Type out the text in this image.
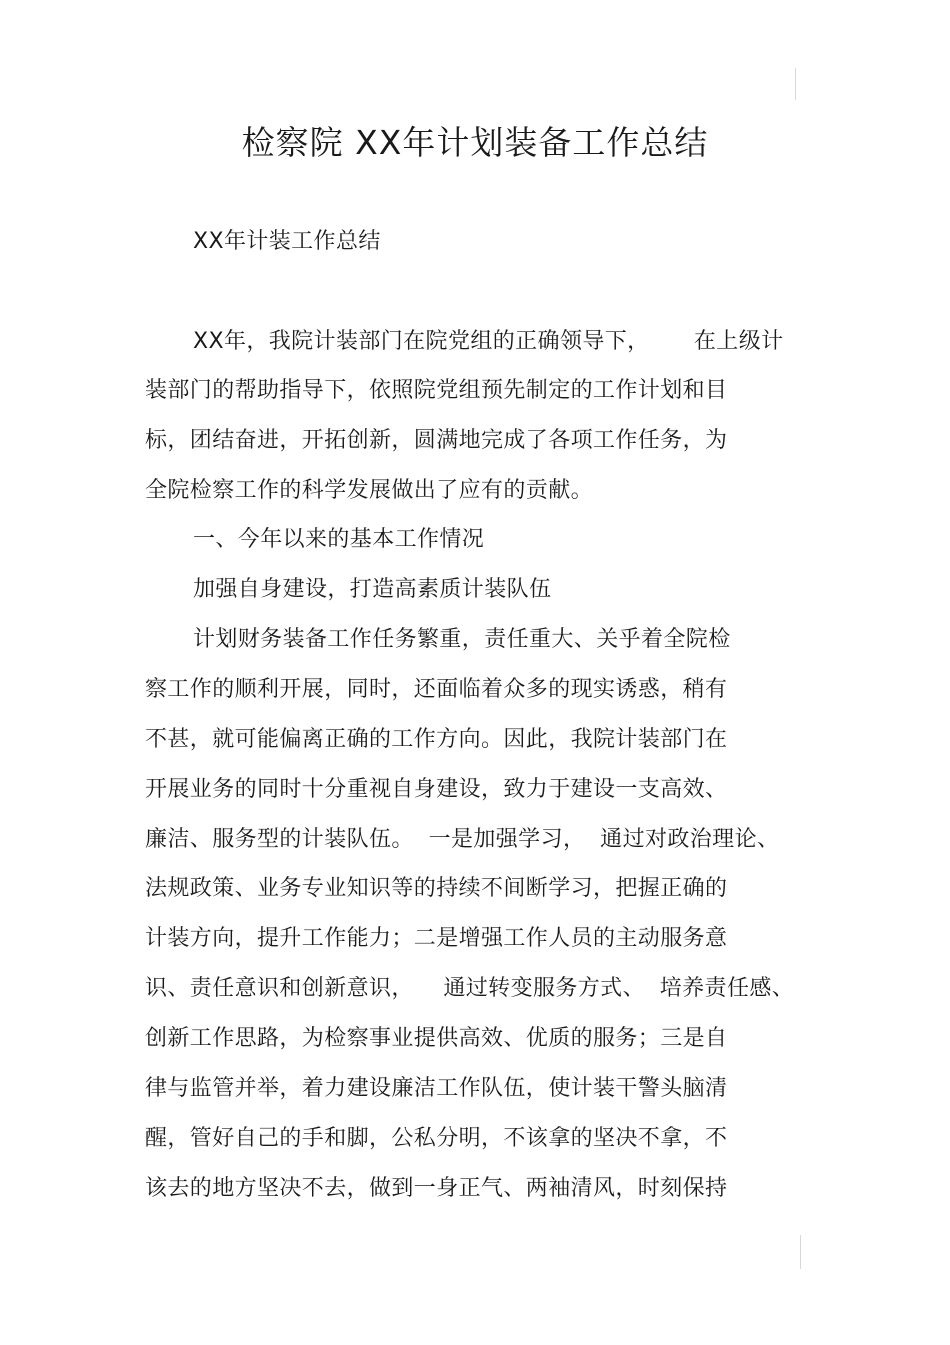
检察院 XX年计划装备工作总结
XX年计装工作总结
XX年，我院计装部门在院党组的正确领导下，      在上级计
装部门的帮助指导下，依照院党组预先制定的工作计划和目
标，团结奋进，开拓创新，圆满地完成了各项工作任务，为
全院检察工作的科学发展做出了应有的贡献。
一、今年以来的基本工作情况
加强自身建设，打造高素质计装队伍
计划财务装备工作任务繁重，责任重大、关乎着全院检
察工作的顺利开展，同时，还面临着众多的现实诱惑，稍有
不甚，就可能偏离正确的工作方向。因此，我院计装部门在
开展业务的同时十分重视自身建设，致力于建设一支高效、
廉洁、服务型的计装队伍。  一是加强学习，  通过对政治理论、
法规政策、业务专业知识等的持续不间断学习，把握正确的
计装方向，提升工作能力；二是增强工作人员的主动服务意
识、责任意识和创新意识，    通过转变服务方式、  培养责任感、
创新工作思路，为检察事业提供高效、优质的服务；三是自
律与监管并举，着力建设廉洁工作队伍，使计装干警头脑清
醒，管好自己的手和脚，公私分明，不该拿的坚决不拿，不
该去的地方坚决不去，做到一身正气、两袖清风，时刻保持
